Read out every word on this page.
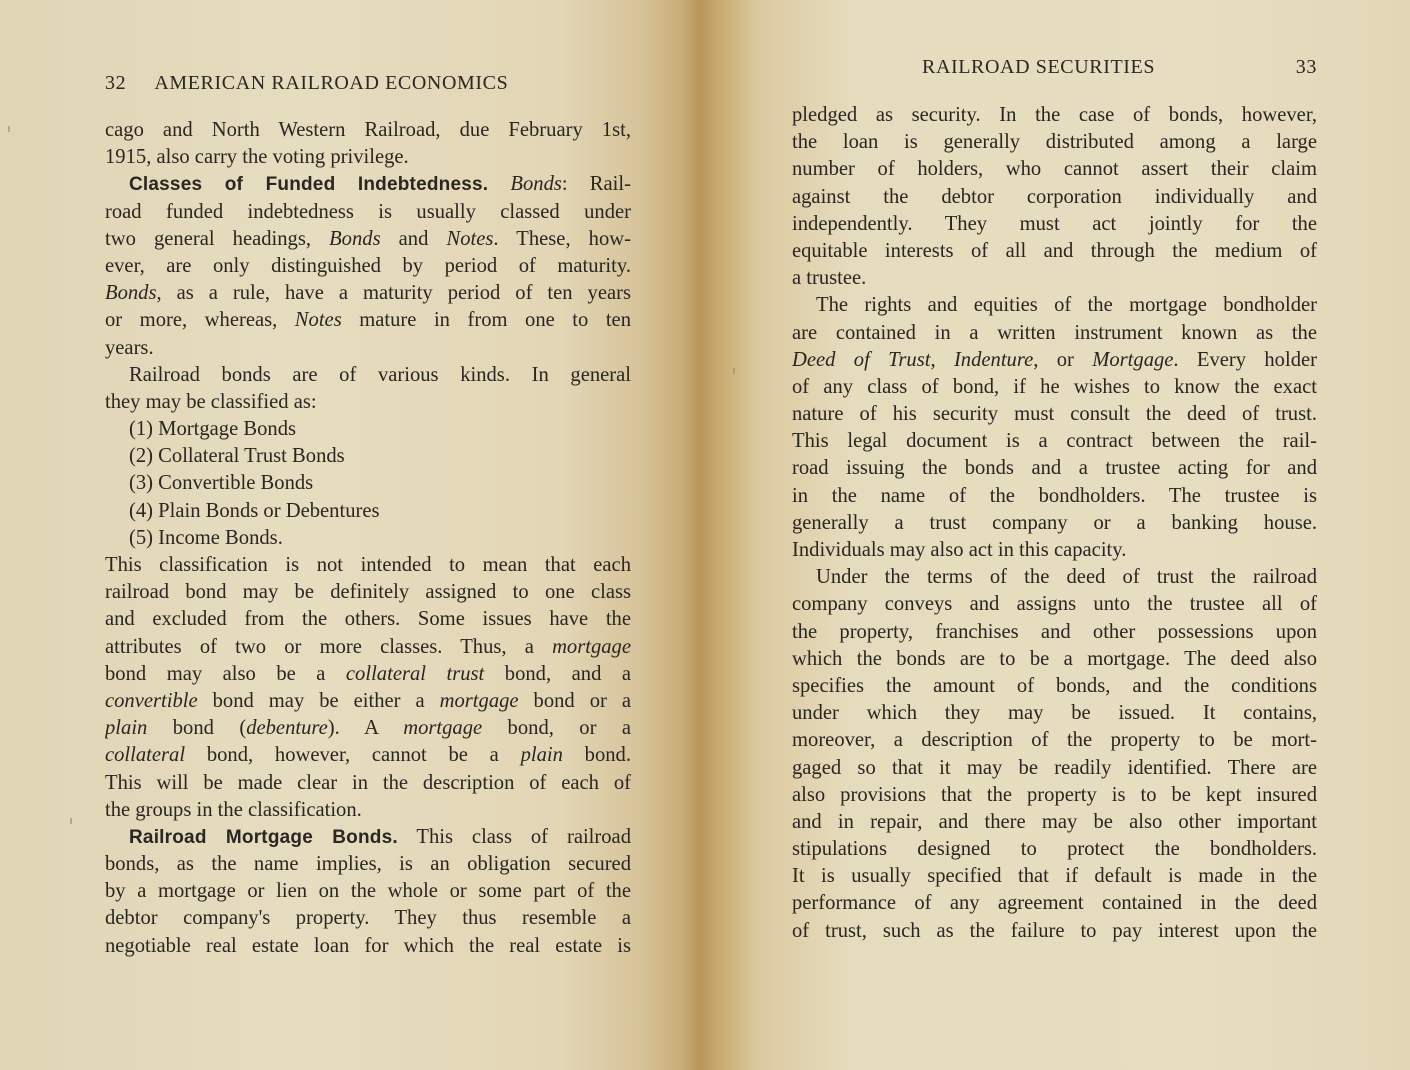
32 AMERICAN RAILROAD ECONOMICS
cago and North Western Railroad, due February 1st,
1915, also carry the voting privilege.
Classes of Funded Indebtedness. Bonds: Rail-
road funded indebtedness is usually classed under
two general headings, Bonds and Notes. These, how-
ever, are only distinguished by period of maturity.
Bonds, as a rule, have a maturity period of ten years
or more, whereas, Notes mature in from one to ten
years.
Railroad bonds are of various kinds. In general
they may be classified as:
(1) Mortgage Bonds
(2) Collateral Trust Bonds
(3) Convertible Bonds
(4) Plain Bonds or Debentures
(5) Income Bonds.
This classification is not intended to mean that each
railroad bond may be definitely assigned to one class
and excluded from the others. Some issues have the
attributes of two or more classes. Thus, a mortgage
bond may also be a collateral trust bond, and a
convertible bond may be either a mortgage bond or a
plain bond (debenture). A mortgage bond, or a
collateral bond, however, cannot be a plain bond.
This will be made clear in the description of each of
the groups in the classification.
Railroad Mortgage Bonds. This class of railroad
bonds, as the name implies, is an obligation secured
by a mortgage or lien on the whole or some part of the
debtor company's property. They thus resemble a
negotiable real estate loan for which the real estate is
RAILROAD SECURITIES	33
pledged as security. In the case of bonds, however,
the loan is generally distributed among a large
number of holders, who cannot assert their claim
against the debtor corporation individually and
independently. They must act jointly for the
equitable interests of all and through the medium of
a trustee.
The rights and equities of the mortgage bondholder
are contained in a written instrument known as the
Deed of Trust, Indenture, or Mortgage. Every holder
of any class of bond, if he wishes to know the exact
nature of his security must consult the deed of trust.
This legal document is a contract between the rail-
road issuing the bonds and a trustee acting for and
in the name of the bondholders. The trustee is
generally a trust company or a banking house.
Individuals may also act in this capacity.
Under the terms of the deed of trust the railroad
company conveys and assigns unto the trustee all of
the property, franchises and other possessions upon
which the bonds are to be a mortgage. The deed also
specifies the amount of bonds, and the conditions
under which they may be issued. It contains,
moreover, a description of the property to be mort-
gaged so that it may be readily identified. There are
also provisions that the property is to be kept insured
and in repair, and there may be also other important
stipulations designed to protect the bondholders.
It is usually specified that if default is made in the
performance of any agreement contained in the deed
of trust, such as the failure to pay interest upon the
